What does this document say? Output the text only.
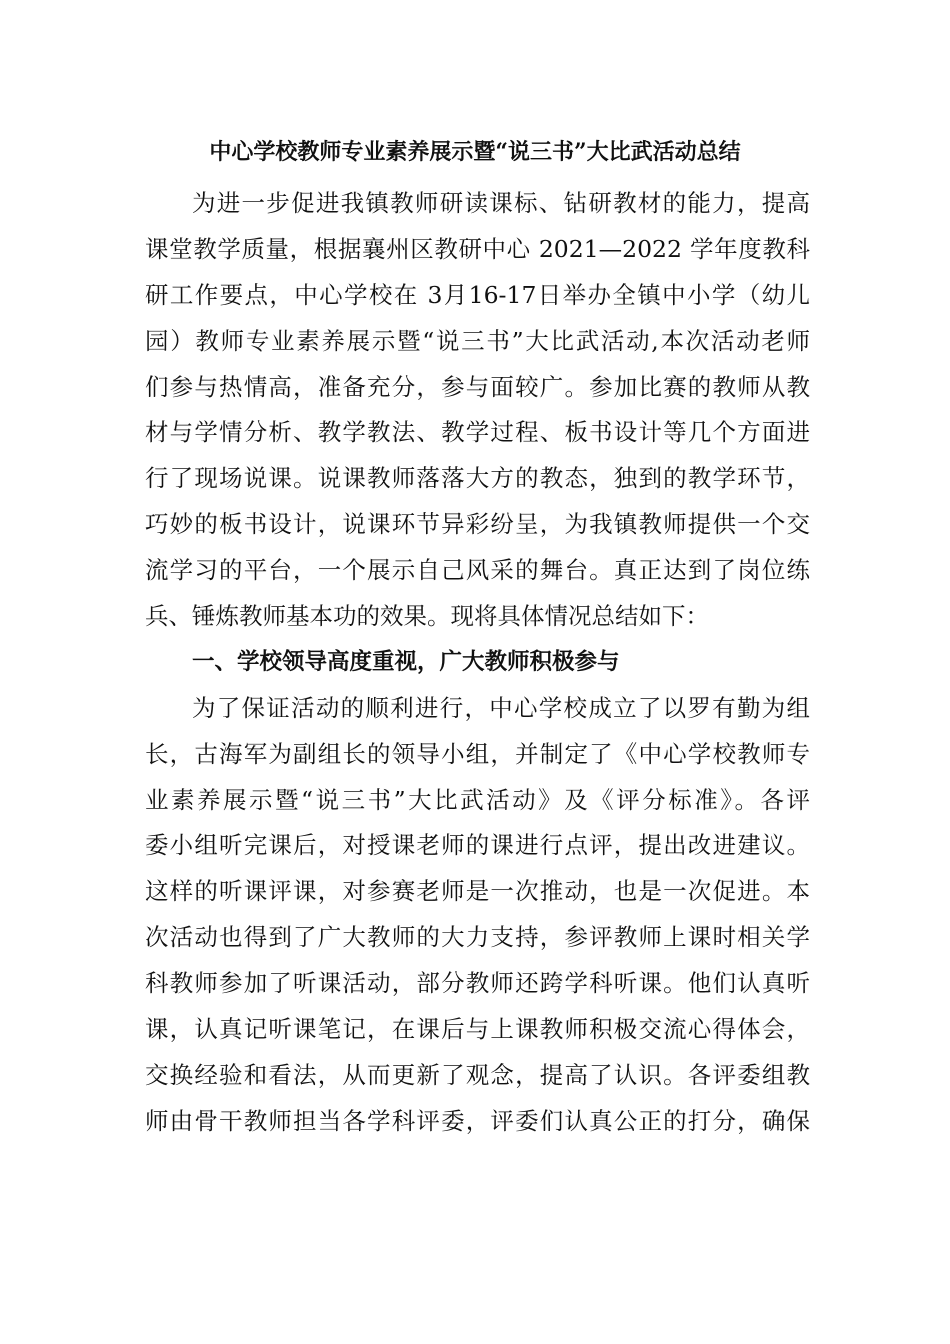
中心学校教师专业素养展示暨“说三书”大比武活动总结
为进一步促进我镇教师研读课标、钻研教材的能力，提高
课堂教学质量，根据襄州区教研中心 2021—2022 学年度教科
研工作要点，中心学校在 3月16-17日举办全镇中小学（幼儿
园）教师专业素养展示暨“说三书”大比武活动,本次活动老师
们参与热情高，准备充分，参与面较广。参加比赛的教师从教
材与学情分析、教学教法、教学过程、板书设计等几个方面进
行了现场说课。说课教师落落大方的教态，独到的教学环节，
巧妙的板书设计，说课环节异彩纷呈，为我镇教师提供一个交
流学习的平台，一个展示自己风采的舞台。真正达到了岗位练
兵、锤炼教师基本功的效果。现将具体情况总结如下：
一、学校领导高度重视，广大教师积极参与
为了保证活动的顺利进行，中心学校成立了以罗有勤为组
长，古海军为副组长的领导小组，并制定了《中心学校教师专
业素养展示暨“说三书”大比武活动》及《评分标准》。各评
委小组听完课后，对授课老师的课进行点评，提出改进建议。
这样的听课评课，对参赛老师是一次推动，也是一次促进。本
次活动也得到了广大教师的大力支持，参评教师上课时相关学
科教师参加了听课活动，部分教师还跨学科听课。他们认真听
课，认真记听课笔记，在课后与上课教师积极交流心得体会，
交换经验和看法，从而更新了观念，提高了认识。各评委组教
师由骨干教师担当各学科评委，评委们认真公正的打分，确保
